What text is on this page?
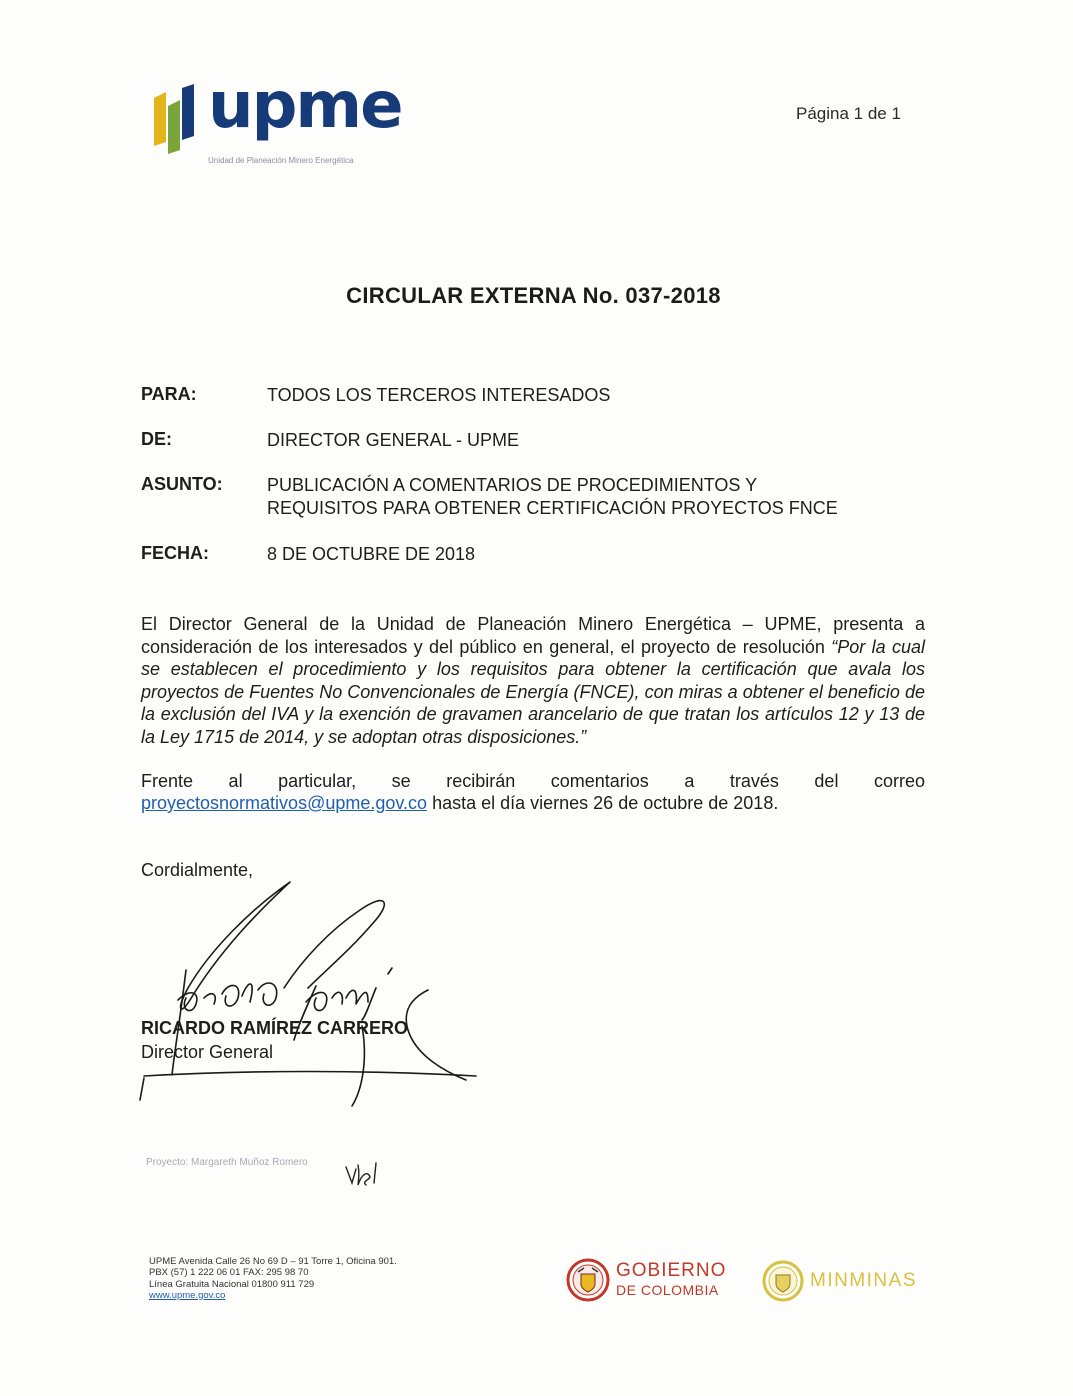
upme
Unidad de Planeación Minero Energética
Página 1 de 1
CIRCULAR EXTERNA No. 037-2018
PARA:	TODOS LOS TERCEROS INTERESADOS
DE:	DIRECTOR GENERAL - UPME
ASUNTO: PUBLICACIÓN A COMENTARIOS DE PROCEDIMIENTOS Y
REQUISITOS PARA OBTENER CERTIFICACIÓN PROYECTOS FNCE
FECHA:	8 DE OCTUBRE DE 2018
El Director General de la Unidad de Planeación Minero Energética – UPME, presenta a consideración de los interesados y del público en general, el proyecto de resolución “Por la cual se establecen el procedimiento y los requisitos para obtener la certificación que avala los proyectos de Fuentes No Convencionales de Energía (FNCE), con miras a obtener el beneficio de la exclusión del IVA y la exención de gravamen arancelario de que tratan los artículos 12 y 13 de la Ley 1715 de 2014, y se adoptan otras disposiciones.”
Frente al particular, se recibirán comentarios a través del correo
proyectosnormativos@upme.gov.co hasta el día viernes 26 de octubre de 2018.
Cordialmente,
RICARDO RAMÍREZ CARRERO
Director General
Proyecto: Margareth Muñoz Romero
UPME Avenida Calle 26 No 69 D – 91 Torre 1, Oficina 901.
PBX (57) 1 222 06 01 FAX: 295 98 70
Línea Gratuita Nacional 01800 911 729
www.upme.gov.co
GOBIERNO
DE COLOMBIA	MINMINAS
